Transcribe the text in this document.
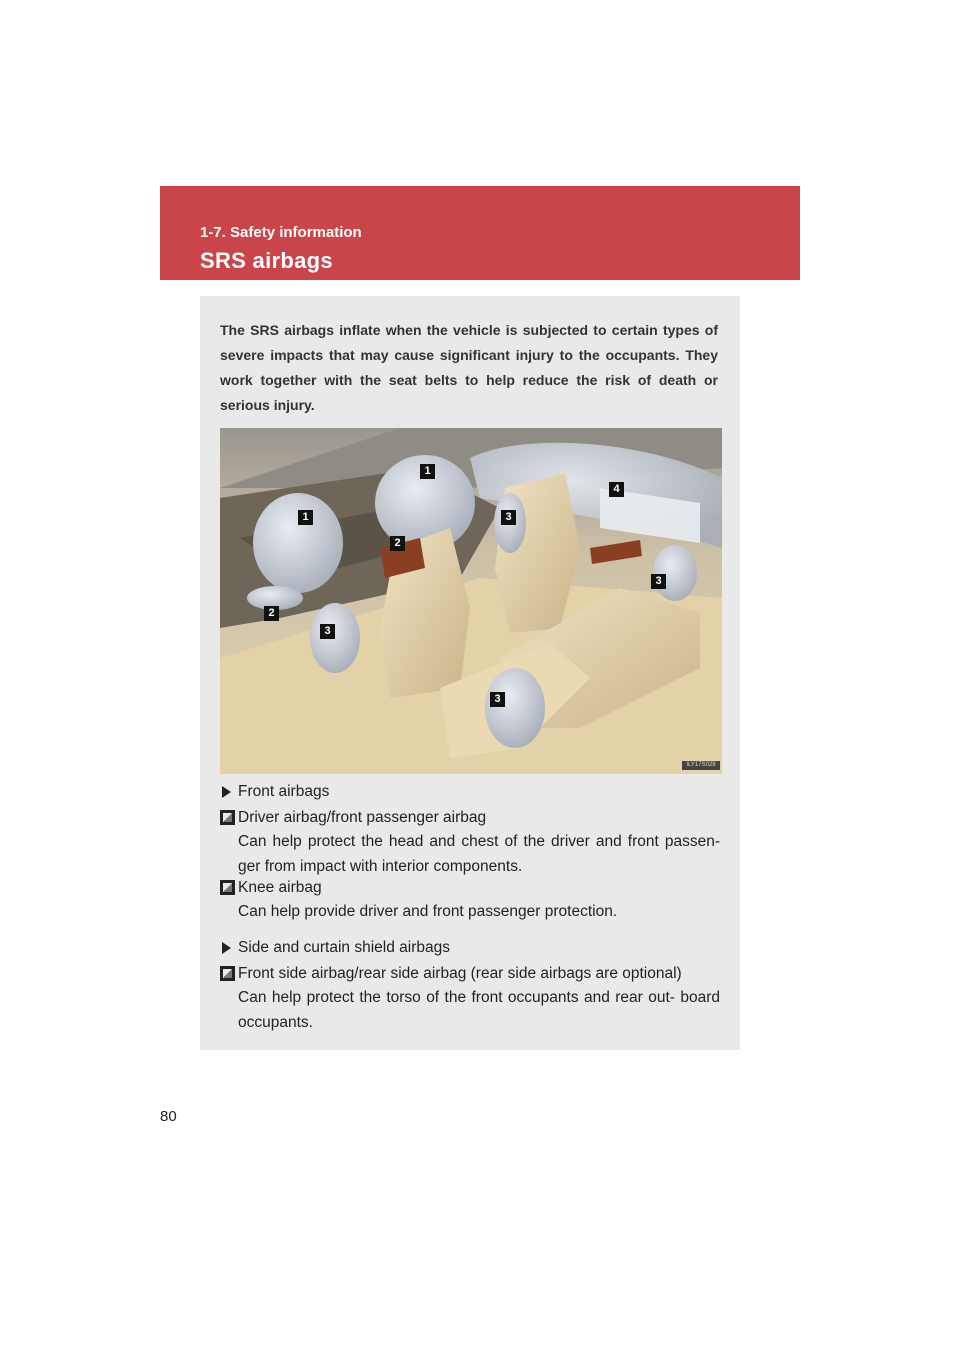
1-7. Safety information
SRS airbags
The SRS airbags inflate when the vehicle is subjected to certain types of severe impacts that may cause significant injury to the occupants. They work together with the seat belts to help reduce the risk of death or serious injury.
1
1
2
2
3
3
3
3
4
ILY17S029
Front airbags
Driver airbag/front passenger airbag
Can help protect the head and chest of the driver and front passen- ger from impact with interior components.
Knee airbag
Can help provide driver and front passenger protection.
Side and curtain shield airbags
Front side airbag/rear side airbag (rear side airbags are optional)
Can help protect the torso of the front occupants and rear out- board occupants.
80
